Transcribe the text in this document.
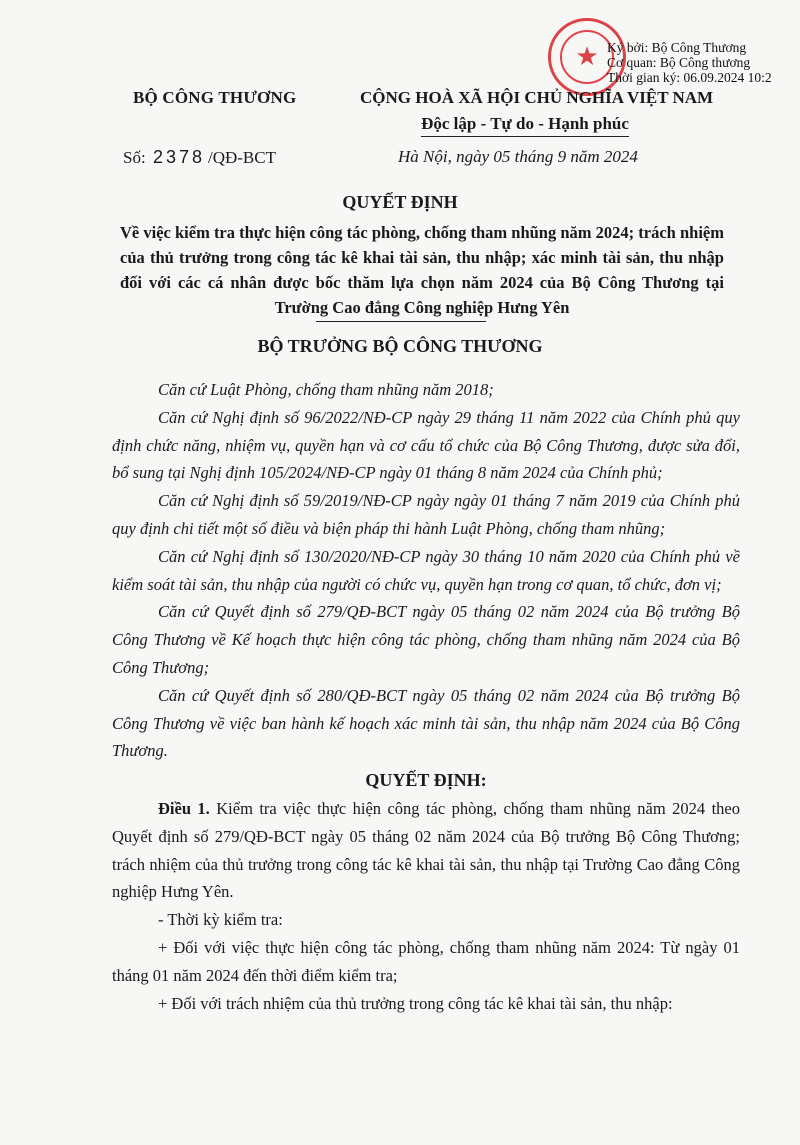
★ Ký bởi: Bộ Công Thương
Cơ quan: Bộ Công thương
Thời gian ký: 06.09.2024 10:2
BỘ CÔNG THƯƠNG	CỘNG HOÀ XÃ HỘI CHỦ NGHĨA VIỆT NAM
Độc lập - Tự do - Hạnh phúc
Số: 2378 /QĐ-BCT	Hà Nội, ngày 05 tháng 9 năm 2024
QUYẾT ĐỊNH
Về việc kiểm tra thực hiện công tác phòng, chống tham nhũng năm 2024; trách nhiệm của thủ trưởng trong công tác kê khai tài sản, thu nhập; xác minh tài sản, thu nhập đối với các cá nhân được bốc thăm lựa chọn năm 2024 của Bộ Công Thương tại Trường Cao đẳng Công nghiệp Hưng Yên
BỘ TRƯỞNG BỘ CÔNG THƯƠNG

Căn cứ Luật Phòng, chống tham nhũng năm 2018;

Căn cứ Nghị định số 96/2022/NĐ-CP ngày 29 tháng 11 năm 2022 của Chính phủ quy định chức năng, nhiệm vụ, quyền hạn và cơ cấu tổ chức của Bộ Công Thương, được sửa đổi, bổ sung tại Nghị định 105/2024/NĐ-CP ngày 01 tháng 8 năm 2024 của Chính phủ;

Căn cứ Nghị định số 59/2019/NĐ-CP ngày ngày 01 tháng 7 năm 2019 của Chính phủ quy định chi tiết một số điều và biện pháp thi hành Luật Phòng, chống tham nhũng;

Căn cứ Nghị định số 130/2020/NĐ-CP ngày 30 tháng 10 năm 2020 của Chính phủ về kiểm soát tài sản, thu nhập của người có chức vụ, quyền hạn trong cơ quan, tổ chức, đơn vị;

Căn cứ Quyết định số 279/QĐ-BCT ngày 05 tháng 02 năm 2024 của Bộ trưởng Bộ Công Thương về Kế hoạch thực hiện công tác phòng, chống tham nhũng năm 2024 của Bộ Công Thương;

Căn cứ Quyết định số 280/QĐ-BCT ngày 05 tháng 02 năm 2024 của Bộ trưởng Bộ Công Thương về việc ban hành kế hoạch xác minh tài sản, thu nhập năm 2024 của Bộ Công Thương.

QUYẾT ĐỊNH:

Điều 1. Kiểm tra việc thực hiện công tác phòng, chống tham nhũng năm 2024 theo Quyết định số 279/QĐ-BCT ngày 05 tháng 02 năm 2024 của Bộ trưởng Bộ Công Thương; trách nhiệm của thủ trưởng trong công tác kê khai tài sản, thu nhập tại Trường Cao đẳng Công nghiệp Hưng Yên.

- Thời kỳ kiểm tra:

+ Đối với việc thực hiện công tác phòng, chống tham nhũng năm 2024: Từ ngày 01 tháng 01 năm 2024 đến thời điểm kiểm tra;

+ Đối với trách nhiệm của thủ trưởng trong công tác kê khai tài sản, thu nhập:
